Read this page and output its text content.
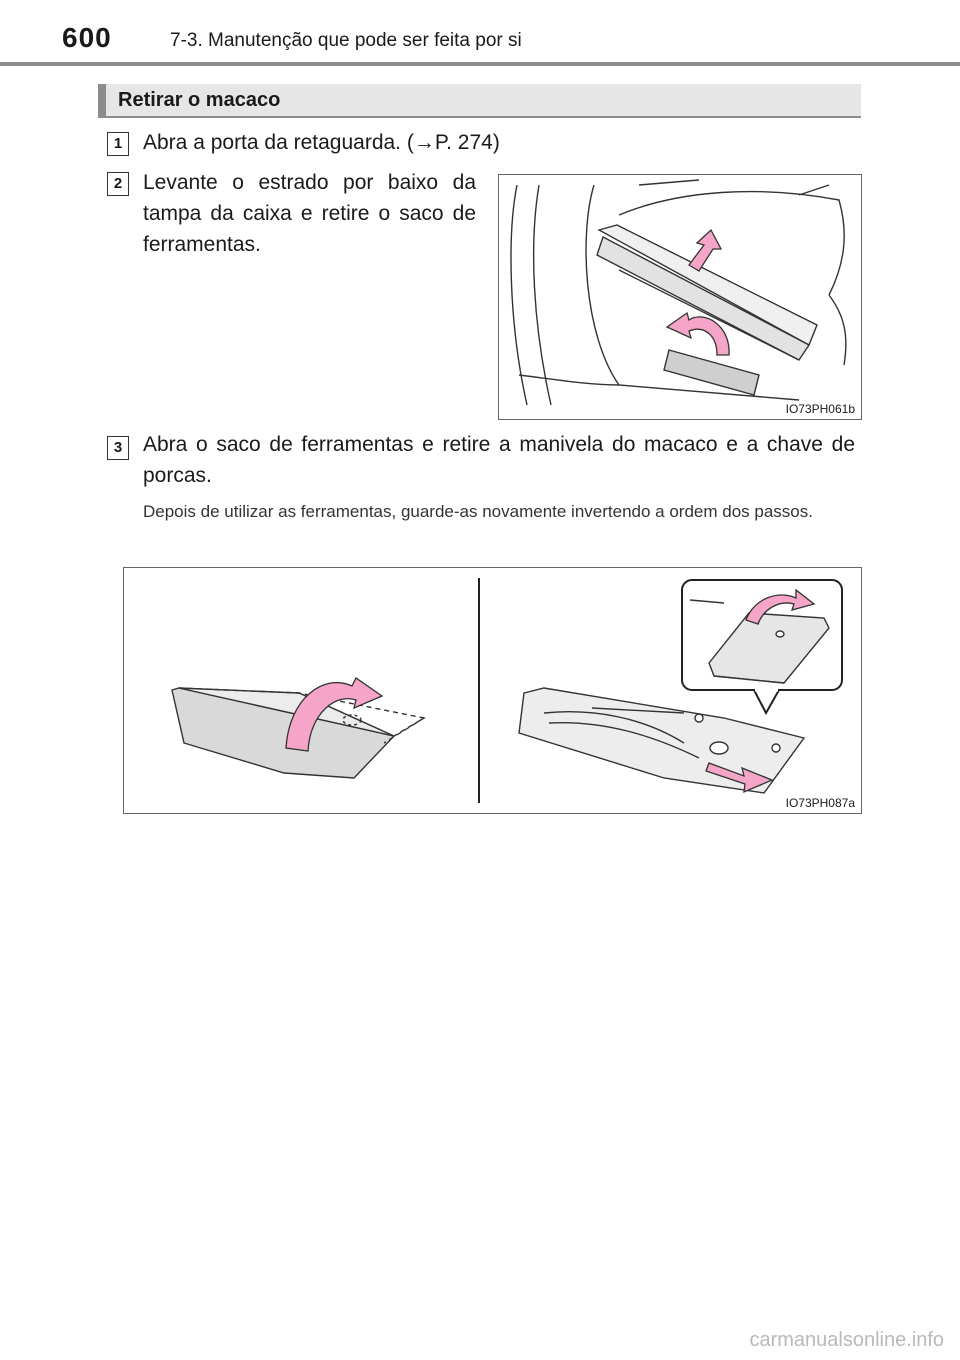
600	7-3. Manutenção que pode ser feita por si
Retirar o macaco
1 Abra a porta da retaguarda. (→P. 274)
2 Levante o estrado por baixo da tampa da caixa e retire o saco de ferramentas.
IO73PH061b
3 Abra o saco de ferramentas e retire a manivela do macaco e a chave de porcas.
Depois de utilizar as ferramentas, guarde-as novamente invertendo a ordem dos passos.
IO73PH087a
carmanualsonline.info
